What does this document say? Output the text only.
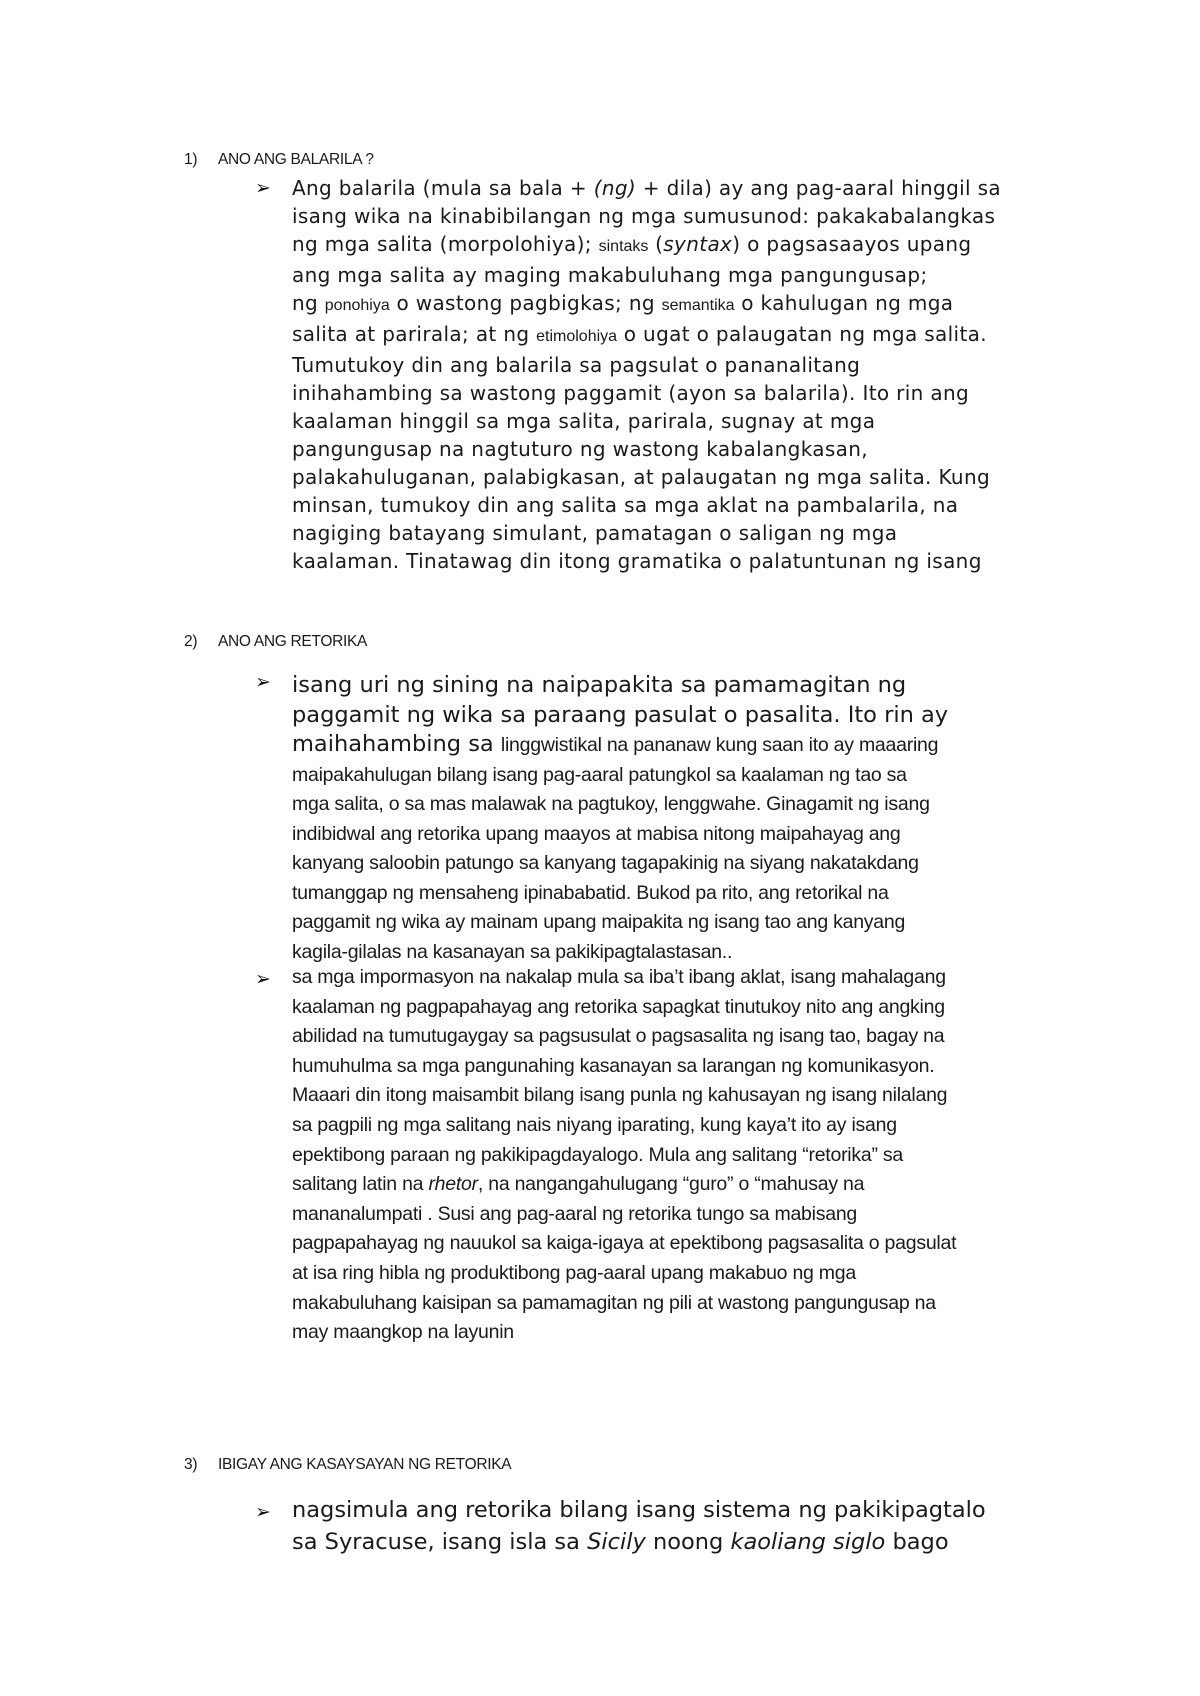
1) ANO ANG BALARILA ?
➢ Ang balarila (mula sa bala + (ng) + dila) ay ang pag-aaral hinggil sa
isang wika na kinabibilangan ng mga sumusunod: pakakabalangkas
ng mga salita (morpolohiya); sintaks (syntax) o pagsasaayos upang
ang mga salita ay maging makabuluhang mga pangungusap;
ng ponohiya o wastong pagbigkas; ng semantika o kahulugan ng mga
salita at parirala; at ng etimolohiya o ugat o palaugatan ng mga salita.
Tumutukoy din ang balarila sa pagsulat o pananalitang
inihahambing sa wastong paggamit (ayon sa balarila). Ito rin ang
kaalaman hinggil sa mga salita, parirala, sugnay at mga
pangungusap na nagtuturo ng wastong kabalangkasan,
palakahuluganan, palabigkasan, at palaugatan ng mga salita. Kung
minsan, tumukoy din ang salita sa mga aklat na pambalarila, na
nagiging batayang simulant, pamatagan o saligan ng mga
kaalaman. Tinatawag din itong gramatika o palatuntunan ng isang
2) ANO ANG RETORIKA
➢ isang uri ng sining na naipapakita sa pamamagitan ng
paggamit ng wika sa paraang pasulat o pasalita. Ito rin ay
maihahambing sa linggwistikal na pananaw kung saan ito ay maaaring
maipakahulugan bilang isang pag-aaral patungkol sa kaalaman ng tao sa
mga salita, o sa mas malawak na pagtukoy, lenggwahe. Ginagamit ng isang
indibidwal ang retorika upang maayos at mabisa nitong maipahayag ang
kanyang saloobin patungo sa kanyang tagapakinig na siyang nakatakdang
tumanggap ng mensaheng ipinababatid. Bukod pa rito, ang retorikal na
paggamit ng wika ay mainam upang maipakita ng isang tao ang kanyang
kagila-gilalas na kasanayan sa pakikipagtalastasan..
➢ sa mga impormasyon na nakalap mula sa iba’t ibang aklat, isang mahalagang
kaalaman ng pagpapahayag ang retorika sapagkat tinutukoy nito ang angking
abilidad na tumutugaygay sa pagsusulat o pagsasalita ng isang tao, bagay na
humuhulma sa mga pangunahing kasanayan sa larangan ng komunikasyon.
Maaari din itong maisambit bilang isang punla ng kahusayan ng isang nilalang
sa pagpili ng mga salitang nais niyang iparating, kung kaya’t ito ay isang
epektibong paraan ng pakikipagdayalogo. Mula ang salitang “retorika” sa
salitang latin na rhetor, na nangangahulugang “guro” o “mahusay na
mananalumpati . Susi ang pag-aaral ng retorika tungo sa mabisang
pagpapahayag ng nauukol sa kaiga-igaya at epektibong pagsasalita o pagsulat
at isa ring hibla ng produktibong pag-aaral upang makabuo ng mga
makabuluhang kaisipan sa pamamagitan ng pili at wastong pangungusap na
may maangkop na layunin
3) IBIGAY ANG KASAYSAYAN NG RETORIKA
➢ nagsimula ang retorika bilang isang sistema ng pakikipagtalo
sa Syracuse, isang isla sa Sicily noong kaoliang siglo bago
